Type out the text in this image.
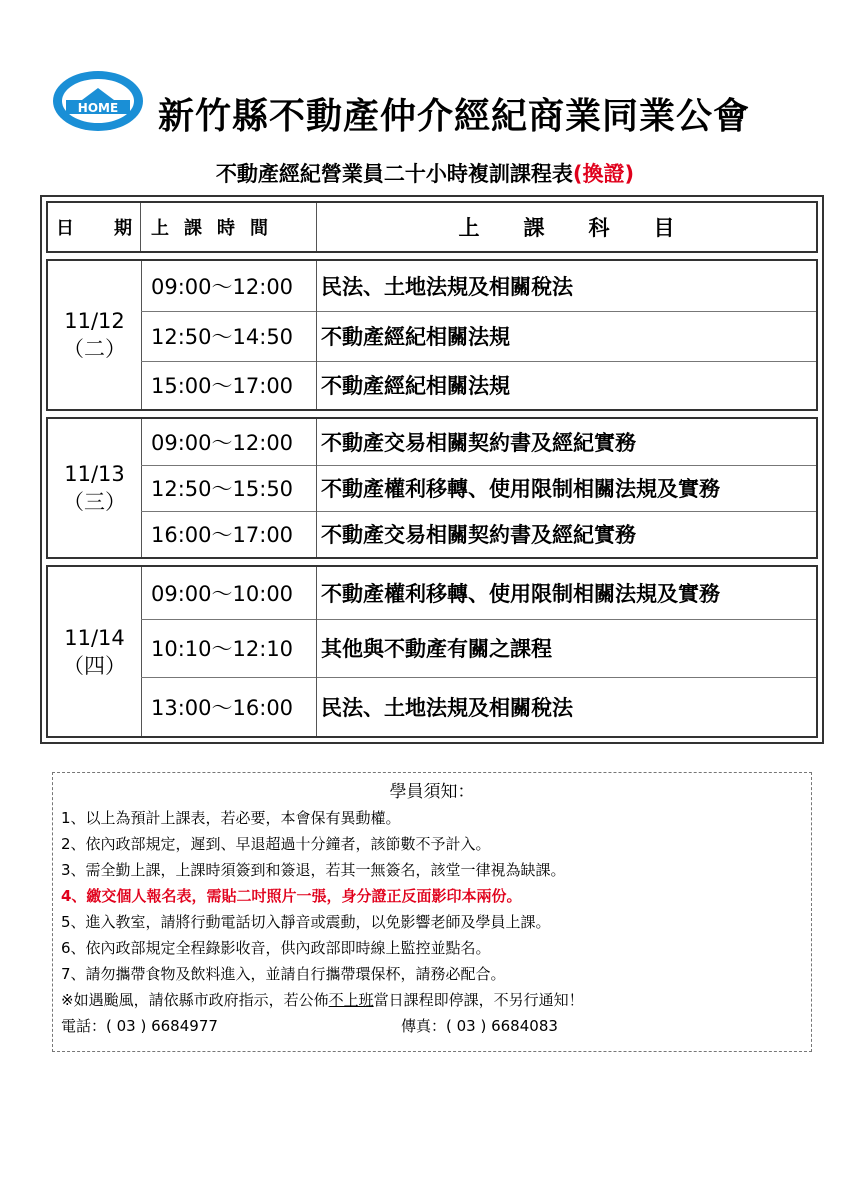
HOME 新竹縣不動產仲介經紀商業同業公會
不動產經紀營業員二十小時複訓課程表(換證)
日 期	上課時間	上課科目
11/12
（二）
09:00～12:00	民法、土地法規及相關稅法
12:50～14:50	不動產經紀相關法規
15:00～17:00	不動產經紀相關法規
11/13
（三）
09:00～12:00	不動產交易相關契約書及經紀實務
12:50～15:50	不動產權利移轉、使用限制相關法規及實務
16:00～17:00	不動產交易相關契約書及經紀實務
11/14
（四）
09:00～10:00	不動產權利移轉、使用限制相關法規及實務
10:10～12:10	其他與不動產有關之課程
13:00～16:00	民法、土地法規及相關稅法
學員須知：
1、以上為預計上課表，若必要，本會保有異動權。
2、依內政部規定，遲到、早退超過十分鐘者，該節數不予計入。
3、需全勤上課，上課時須簽到和簽退，若其一無簽名，該堂一律視為缺課。
4、繳交個人報名表，需貼二吋照片一張，身分證正反面影印本兩份。
5、進入教室，請將行動電話切入靜音或震動，以免影響老師及學員上課。
6、依內政部規定全程錄影收音，供內政部即時線上監控並點名。
7、請勿攜帶食物及飲料進入，並請自行攜帶環保杯，請務必配合。
※如遇颱風，請依縣市政府指示，若公佈不上班當日課程即停課，不另行通知！
電話：( 03 ) 6684977	傳真：( 03 ) 6684083
